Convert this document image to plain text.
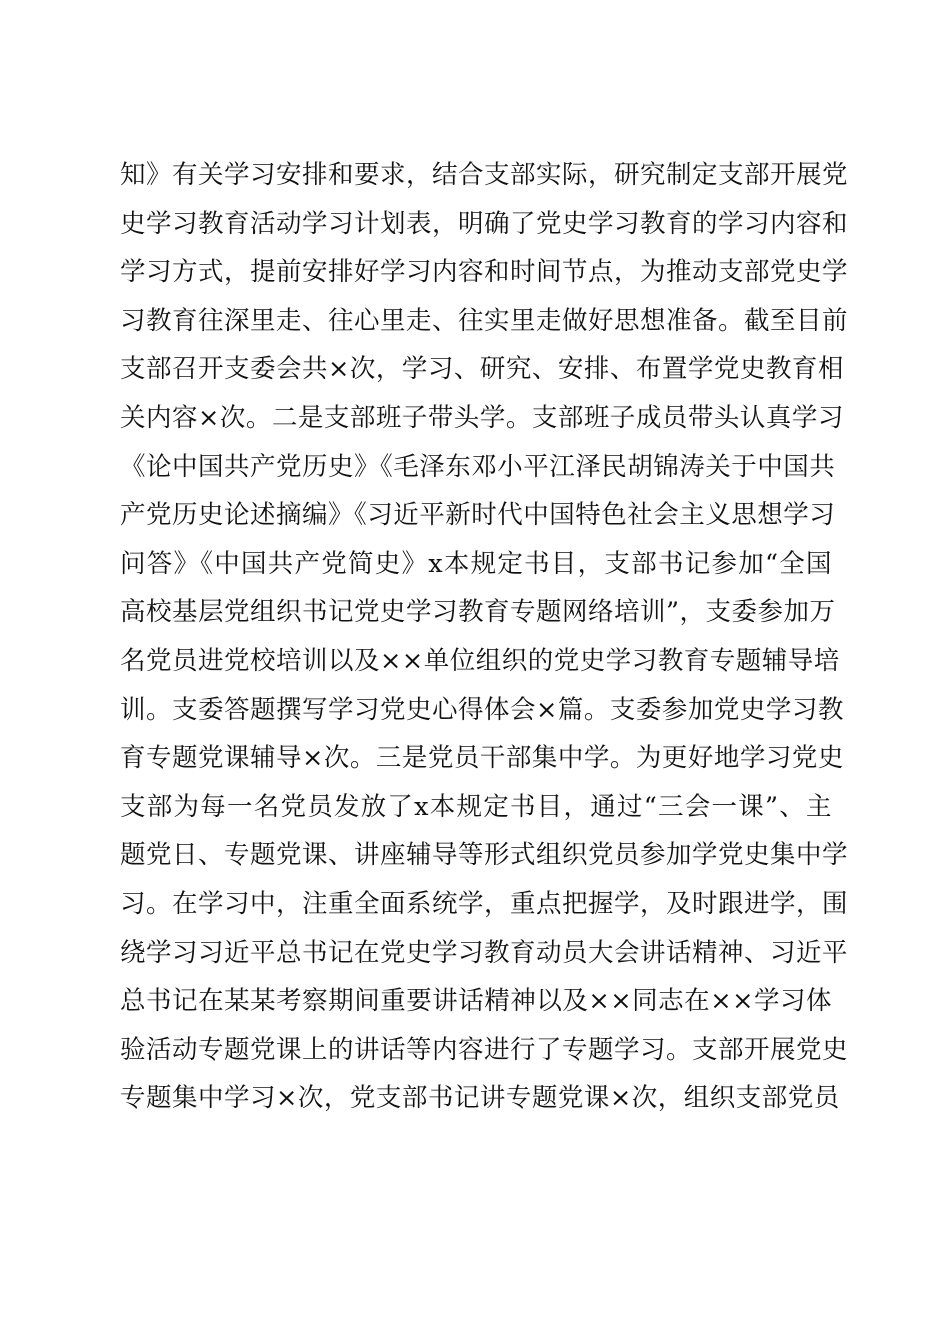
知》有关学习安排和要求，结合支部实际，研究制定支部开展党
史学习教育活动学习计划表，明确了党史学习教育的学习内容和
学习方式，提前安排好学习内容和时间节点，为推动支部党史学
习教育往深里走、往心里走、往实里走做好思想准备。截至目前
支部召开支委会共×次，学习、研究、安排、布置学党史教育相
关内容×次。二是支部班子带头学。支部班子成员带头认真学习
《论中国共产党历史》《毛泽东邓小平江泽民胡锦涛关于中国共
产党历史论述摘编》《习近平新时代中国特色社会主义思想学习
问答》《中国共产党简史》x本规定书目，支部书记参加“全国
高校基层党组织书记党史学习教育专题网络培训”，支委参加万
名党员进党校培训以及××单位组织的党史学习教育专题辅导培
训。支委答题撰写学习党史心得体会×篇。支委参加党史学习教
育专题党课辅导×次。三是党员干部集中学。为更好地学习党史
支部为每一名党员发放了x本规定书目，通过“三会一课”、主
题党日、专题党课、讲座辅导等形式组织党员参加学党史集中学
习。在学习中，注重全面系统学，重点把握学，及时跟进学，围
绕学习习近平总书记在党史学习教育动员大会讲话精神、习近平
总书记在某某考察期间重要讲话精神以及××同志在××学习体
验活动专题党课上的讲话等内容进行了专题学习。支部开展党史
专题集中学习×次，党支部书记讲专题党课×次，组织支部党员
